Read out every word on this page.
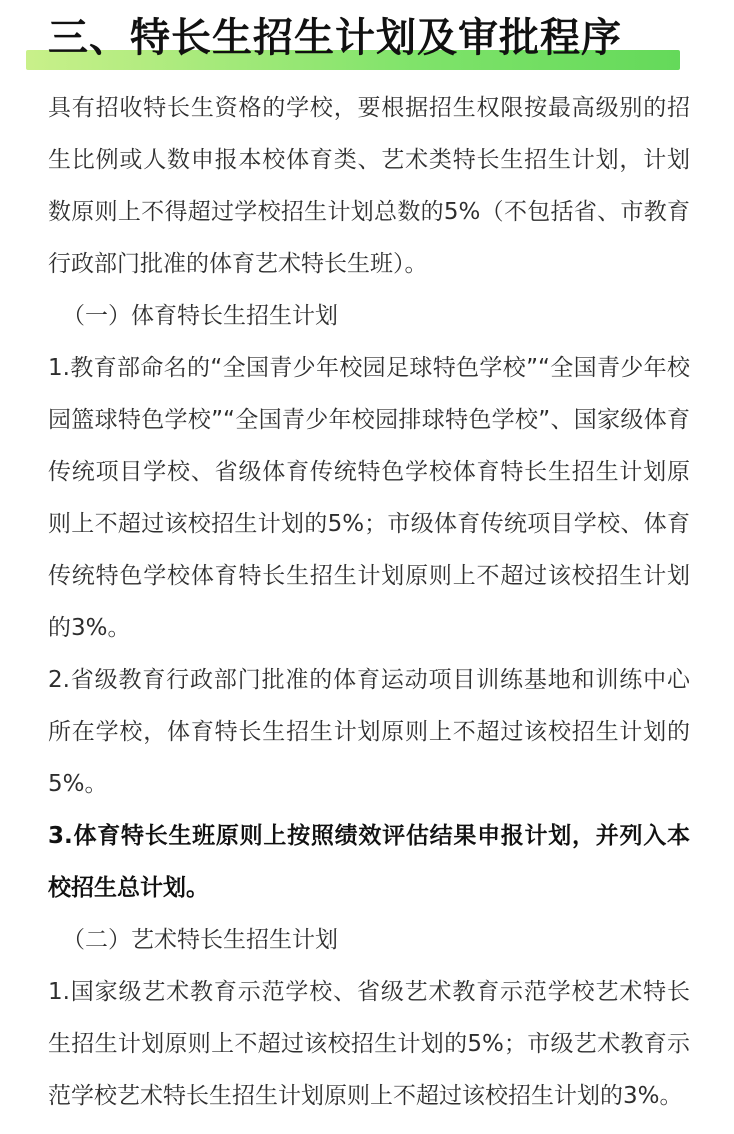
三、特长生招生计划及审批程序

具有招收特长生资格的学校，要根据招生权限按最高级别的招生比例或人数申报本校体育类、艺术类特长生招生计划，计划数原则上不得超过学校招生计划总数的5%（不包括省、市教育行政部门批准的体育艺术特长生班）。

（一）体育特长生招生计划

1.教育部命名的“全国青少年校园足球特色学校”“全国青少年校园篮球特色学校”“全国青少年校园排球特色学校”、国家级体育传统项目学校、省级体育传统特色学校体育特长生招生计划原则上不超过该校招生计划的5%；市级体育传统项目学校、体育传统特色学校体育特长生招生计划原则上不超过该校招生计划的3%。

2.省级教育行政部门批准的体育运动项目训练基地和训练中心所在学校，体育特长生招生计划原则上不超过该校招生计划的5%。

3.体育特长生班原则上按照绩效评估结果申报计划，并列入本校招生总计划。

（二）艺术特长生招生计划

1.国家级艺术教育示范学校、省级艺术教育示范学校艺术特长生招生计划原则上不超过该校招生计划的5%；市级艺术教育示范学校艺术特长生招生计划原则上不超过该校招生计划的3%。
